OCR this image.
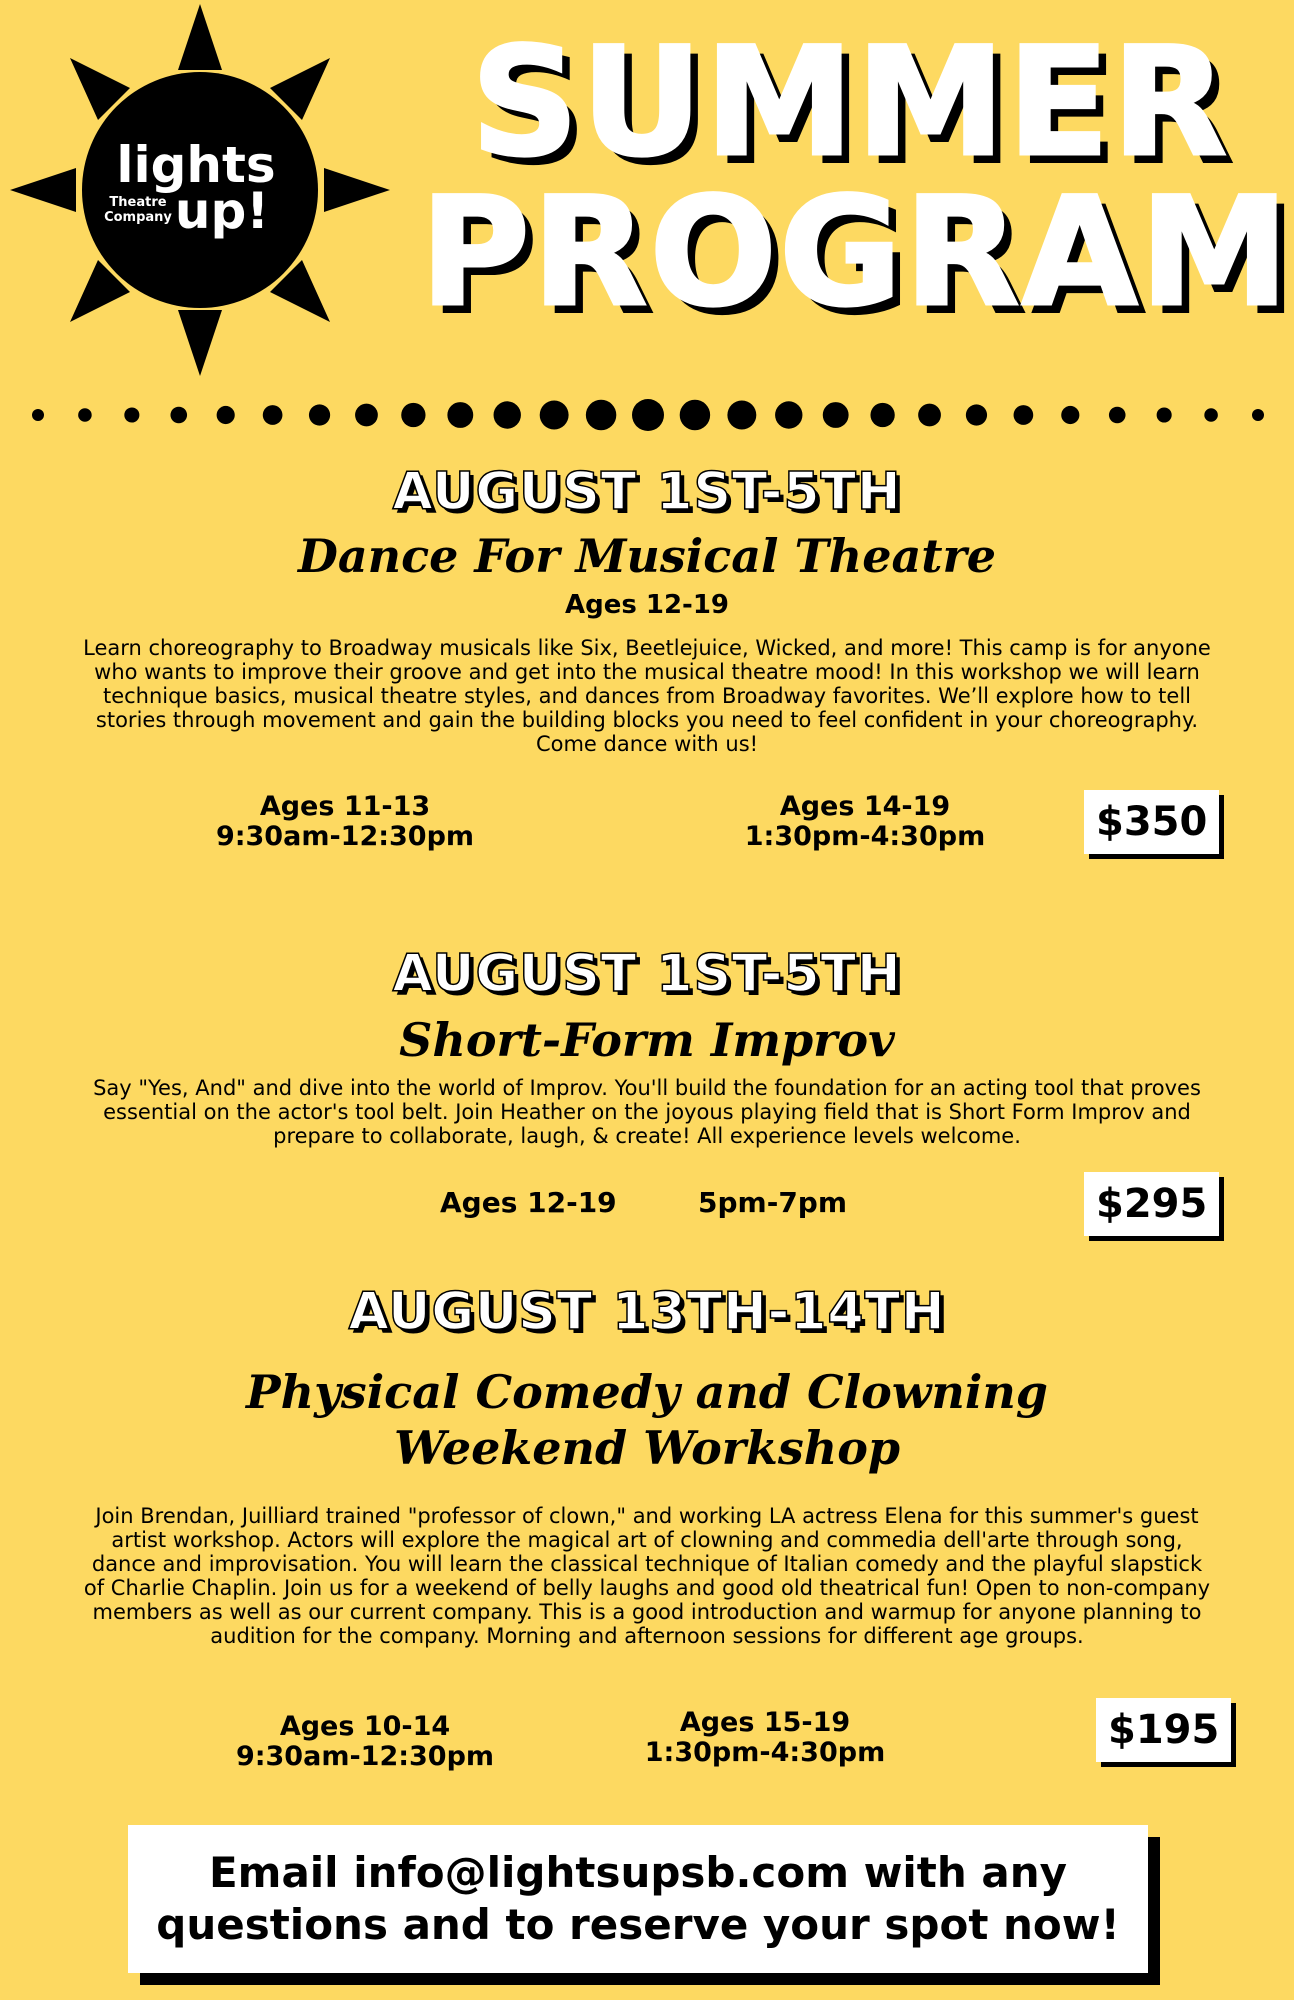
lights
Theatre
Company up!
SUMMER
PROGRAM
AUGUST 1ST-5TH
Dance For Musical Theatre
Ages 12-19
Learn choreography to Broadway musicals like Six, Beetlejuice, Wicked, and more! This camp is for anyone who wants to improve their groove and get into the musical theatre mood! In this workshop we will learn technique basics, musical theatre styles, and dances from Broadway favorites. We’ll explore how to tell stories through movement and gain the building blocks you need to feel confident in your choreography. Come dance with us!
Ages 11-13
9:30am-12:30pm
Ages 14-19
1:30pm-4:30pm	$350
AUGUST 1ST-5TH
Short-Form Improv
Say "Yes, And" and dive into the world of Improv. You'll build the foundation for an acting tool that proves essential on the actor's tool belt. Join Heather on the joyous playing field that is Short Form Improv and prepare to collaborate, laugh, & create! All experience levels welcome.
Ages 12-19	5pm-7pm	$295
AUGUST 13TH-14TH
Physical Comedy and Clowning
Weekend Workshop
Join Brendan, Juilliard trained "professor of clown," and working LA actress Elena for this summer's guest artist workshop. Actors will explore the magical art of clowning and commedia dell'arte through song, dance and improvisation. You will learn the classical technique of Italian comedy and the playful slapstick of Charlie Chaplin. Join us for a weekend of belly laughs and good old theatrical fun! Open to non-company members as well as our current company. This is a good introduction and warmup for anyone planning to audition for the company. Morning and afternoon sessions for different age groups.
Ages 10-14
9:30am-12:30pm
Ages 15-19
1:30pm-4:30pm	$195
Email info@lightsupsb.com with any
questions and to reserve your spot now!
